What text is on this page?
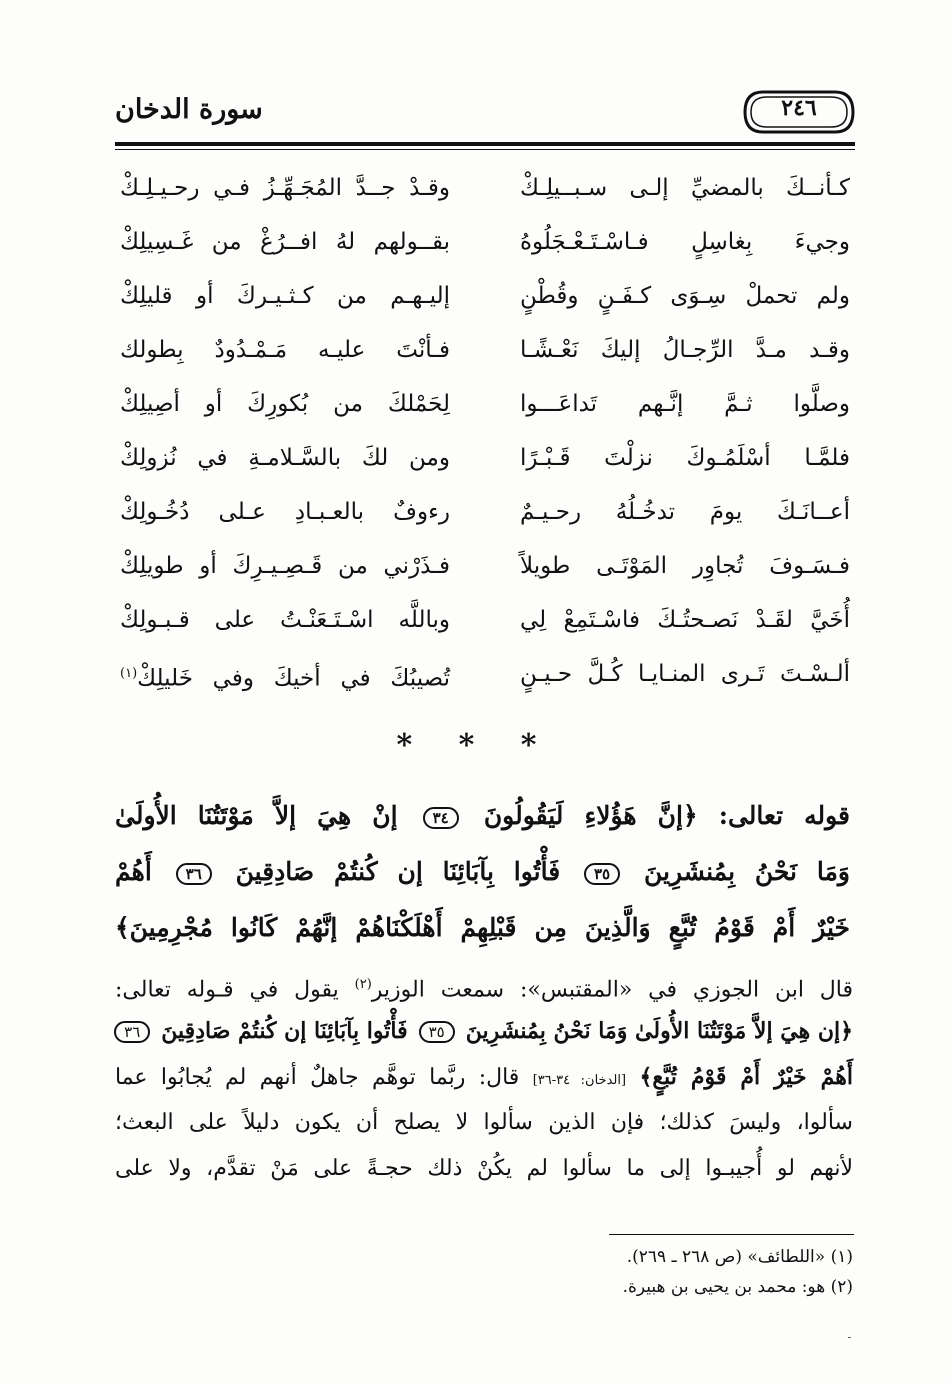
سورة الدخان	٢٤٦
كـأنــكَ بالمضيِّ إلـى سـبــيلِـكْ
وقـدْ جــدَّ المُجَـهِّـزُ فـي رحـيـلِـكْ
وجيءَ بِغاسِلٍ فـاسْـتَـعْـجَلُوهُ
بقــولهم لهُ افــرُغْ من غَـسِيلِكْ
ولم تحملْ سِـوَى كـفَـنٍ وقُطْنٍ
إليـهـم من كـثـيـركَ أو قليلِكْ
وقـد مـدَّ الرِّجـالُ إليكَ نَعْـشًـا
فـأنْتَ عليـه مَـمْـدُودٌ بِطولك
وصلَّوا ثـمَّ إنَّـهم تَداعَـــوا
لِحَمْلكَ من بُكورِكَ أو أصِيلِكْ
فلمَّـا أسْلَمُـوكَ نزلْتَ قَـبْـرًا
ومن لكَ بالسَّـلامـةِ في نُزولِكْ
أعــانَـكَ يومَ تدخُـلُهُ رحـيـمٌ
رءوفٌ بالعـبـادِ عـلى دُخُـولِكْ
فـسَـوفَ تُجاوِر المَوْتَـى طويلاً
فـذَرْني من قَـصِـيـرِكَ أو طويلِكْ
أُخَيَّ لقَـدْ نَصـحتُـكَ فاسْـتَمِعْ لِي
وباللَّه اسْـتَـعَنْـتُ على قـبـولِكْ
ألـسْـتَ تَـرى المنـايـا كُـلَّ حـيـنٍ
تُصيبُكَ في أخيكَ وفي خَليلِكْ$^{(١)}$
* * *
قوله تعالى: ﴿إنَّ هَؤُلاءِ لَيَقُولُونَ ٣٤ إنْ هِيَ إلاَّ مَوْتَتُنَا الأُولَىٰ
وَمَا نَحْنُ بِمُنشَرِينَ ٣٥ فَأْتُوا بِآبَائِنَا إن كُنتُمْ صَادِقِينَ ٣٦ أَهُمْ
خَيْرٌ أَمْ قَوْمُ تُبَّعٍ وَالَّذِينَ مِن قَبْلِهِمْ أَهْلَكْنَاهُمْ إنَّهُمْ كَانُوا مُجْرِمِينَ﴾
قال ابن الجوزي في «المقتبس»: سمعت الوزير$^{(٢)}$ يقول في قـوله تعالى:
﴿إن هِيَ إلاَّ مَوْتَتُنَا الأُولَىٰ وَمَا نَحْنُ بِمُنشَرِينَ ٣٥ فَأْتُوا بِآبَائِنَا إن كُنتُمْ صَادِقِينَ ٣٦
أَهُمْ خَيْرٌ أَمْ قَوْمُ تُبَّعٍ﴾ [الدخان: ٣٤-٣٦] قال: ربَّما توهَّم جاهلٌ أنهم لم يُجابُوا عما
سألوا، وليسَ كذلك؛ فإن الذين سألوا لا يصلح أن يكون دليلاً على البعث؛
لأنهم لو أُجيبـوا إلى ما سألوا لم يكُنْ ذلك حجـةً على مَنْ تقدَّم، ولا على
(١) «اللطائف» (ص ٢٦٨ ـ ٢٦٩).
(٢) هو: محمد بن يحيى بن هبيرة.
ـ
